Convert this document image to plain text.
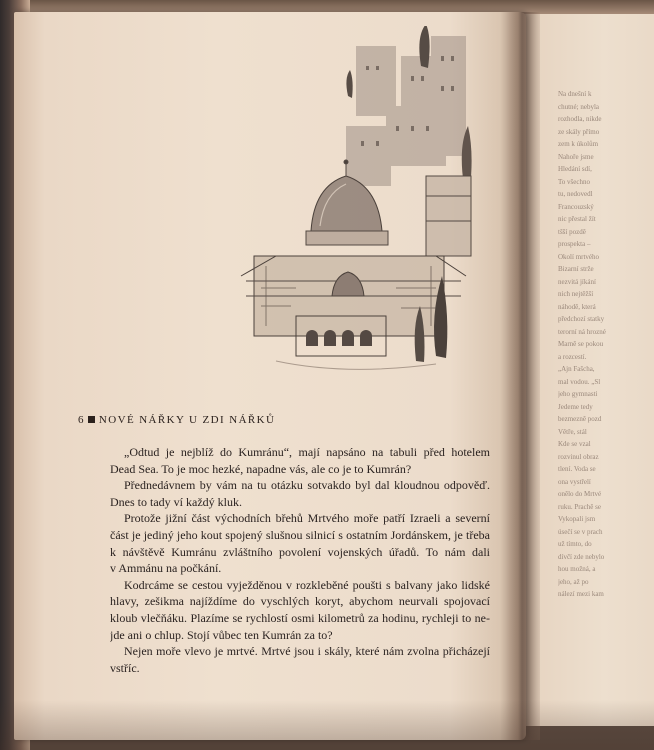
Na dnešní k
chutné; nebyla
rozhodla, nikde
ze skály přímo
zem k úkolům
Nahoře jsme
Hledání sdí,
To všechno
tu, nedovedl
Francouzský
nic přestal žít
tšší pozdě
prospekta –
Okolí mrtvého
Bizarní strže
nezvitá jíkání
nich nejtěžší
náhodě, která
předchozí statky
terorní ná hrozné
Marně se pokou
a rozcestí.
„Ajn Fašcha,
mal vodou. „Sl
jeho gymnasti
Jedeme tedy
bezmezně pozd
Větře, stál
Kde se vzal
rozvinul obraz
tlení. Voda se
ona vystřelí
onělo do Mrtvé
ruku. Prachě se
Vykopali jsm
úsečí se v prach
už tímto, do
dívčí zde nebylo
hou možná, a
jeho, až po
nálezí mezi kam
6 NOVÉ NÁŘKY U ZDI NÁŘKŮ
„Odtud je nejblíž do Kumránu“, mají napsáno na tabuli před hotelem
Dead Sea. To je moc hezké, napadne vás, ale co je to Kumrán?
Přednedávnem by vám na tu otázku sotvakdo byl dal kloudnou odpověď.
Dnes to tady ví každý kluk.
Protože jižní část východních břehů Mrtvého moře patří Izraeli a severní
část je jediný jeho kout spojený slušnou silnicí s ostatním Jordánskem, je třeba
k návštěvě Kumránu zvláštního povolení vojenských úřadů. To nám dali
v Ammánu na počkání.
Kodrcáme se cestou vyježděnou v rozkleběné poušti s balvany jako lidské
hlavy, zešikma najíždíme do vyschlých koryt, abychom neurvali spojovací
kloub vlečňáku. Plazíme se rychlostí osmi kilometrů za hodinu, rychleji to ne-
jde ani o chlup. Stojí vůbec ten Kumrán za to?
Nejen moře vlevo je mrtvé. Mrtvé jsou i skály, které nám zvolna přicházejí
vstříc.
